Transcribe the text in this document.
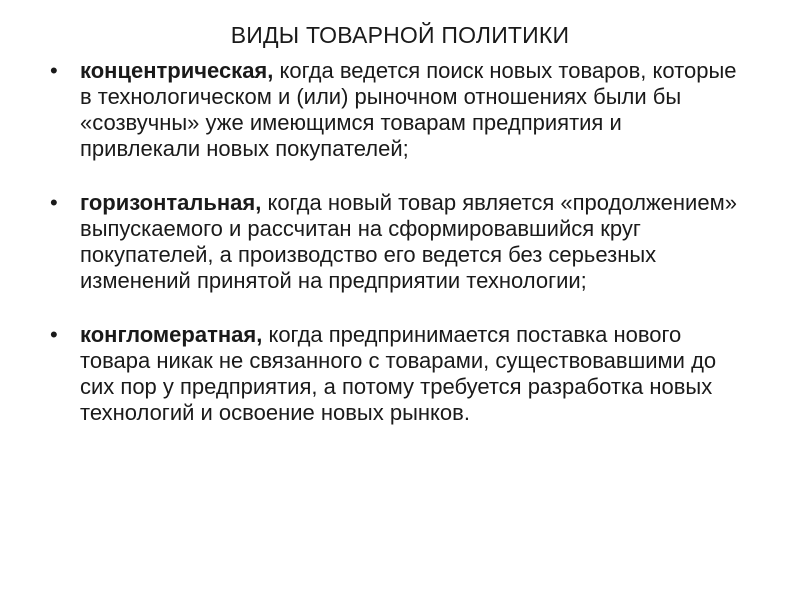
ВИДЫ ТОВАРНОЙ ПОЛИТИКИ
• концентрическая, когда ведется поиск новых товаров, которые в технологическом и (или) рыночном отношениях были бы «созвучны» уже имеющимся товарам предприятия и привлекали новых покупателей;
• горизонтальная, когда новый товар является «продолжением» выпускаемого и рассчитан на сформировавшийся круг покупателей, а производство его ведется без серьезных изменений принятой на предприятии технологии;
• конгломератная, когда предпринимается поставка нового товара никак не связанного с товарами, существовавшими до сих пор у предприятия, а потому требуется разработка новых технологий и освоение новых рынков.
